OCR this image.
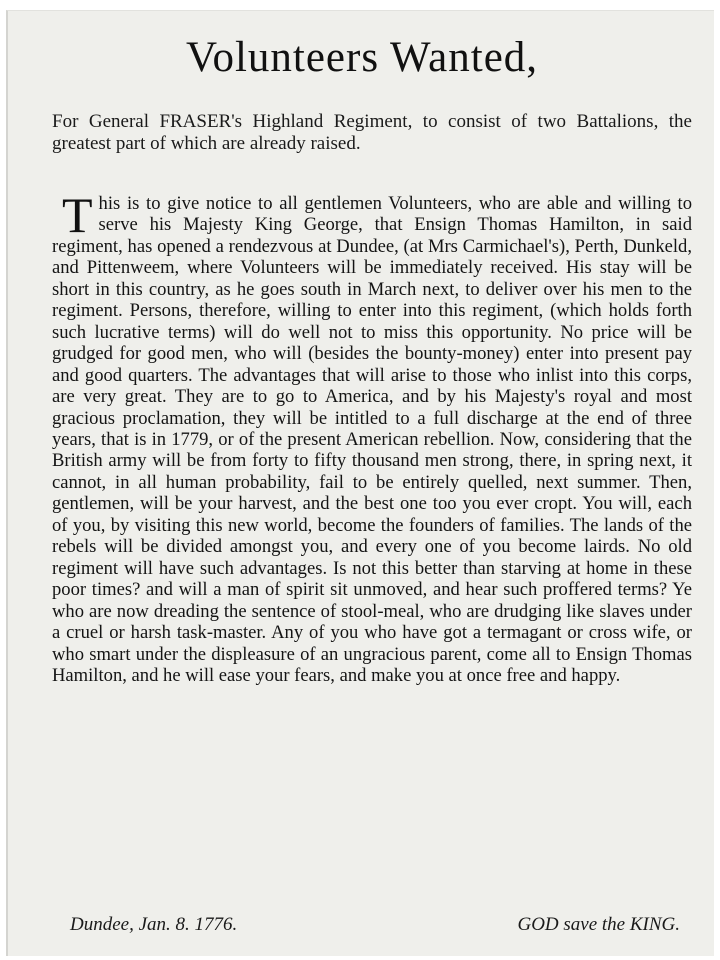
Volunteers Wanted,
For General FRASER's Highland Regiment, to consist of two Battalions, the greatest part of which are already raised.
T his is to give notice to all gentlemen Volunteers, who are able and willing to serve his Majesty King George, that Ensign Thomas Hamilton, in said regiment, has opened a rendezvous at Dundee, (at Mrs Carmichael's), Perth, Dunkeld, and Pittenweem, where Volunteers will be immediately received. His stay will be short in this country, as he goes south in March next, to deliver over his men to the regiment. Persons, therefore, willing to enter into this regiment, (which holds forth such lucrative terms) will do well not to miss this opportunity. No price will be grudged for good men, who will (besides the bounty-money) enter into present pay and good quarters. The advantages that will arise to those who inlist into this corps, are very great. They are to go to America, and by his Majesty's royal and most gracious proclamation, they will be intitled to a full discharge at the end of three years, that is in 1779, or of the present American rebellion. Now, considering that the British army will be from forty to fifty thousand men strong, there, in spring next, it cannot, in all human probability, fail to be entirely quelled, next summer. Then, gentlemen, will be your harvest, and the best one too you ever cropt. You will, each of you, by visiting this new world, become the founders of families. The lands of the rebels will be divided amongst you, and every one of you become lairds. No old regiment will have such advantages. Is not this better than starving at home in these poor times? and will a man of spirit sit unmoved, and hear such proffered terms? Ye who are now dreading the sentence of stool-meal, who are drudging like slaves under a cruel or harsh task-master. Any of you who have got a termagant or cross wife, or who smart under the displeasure of an ungracious parent, come all to Ensign Thomas Hamilton, and he will ease your fears, and make you at once free and happy.
Dundee, Jan. 8. 1776.	GOD save the KING.
